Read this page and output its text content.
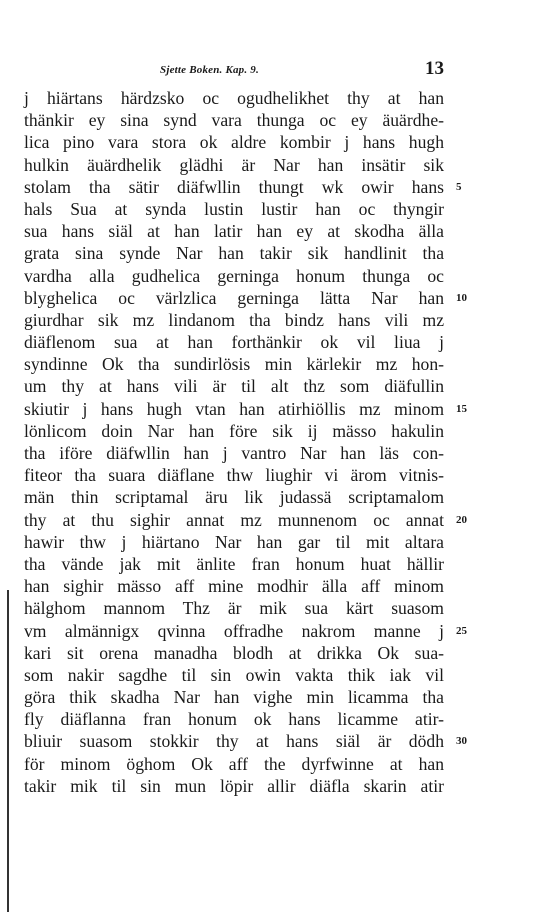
Sjette Boken. Kap. 9.	13
j hiärtans härdzsko oc ogudhelikhet thy at han
thänkir ey sina synd vara thunga oc ey äuärdhe-
lica pino vara stora ok aldre kombir j hans hugh
hulkin äuärdhelik glädhi är Nar han insätir sik
stolam tha sätir diäfwllin thungt wk owir hans 5
hals Sua at synda lustin lustir han oc thyngir
sua hans siäl at han latir han ey at skodha älla
grata sina synde Nar han takir sik handlinit tha
vardha alla gudhelica gerninga honum thunga oc
blyghelica oc värlzlica gerninga lätta Nar han 10
giurdhar sik mz lindanom tha bindz hans vili mz
diäflenom sua at han forthänkir ok vil liua j
syndinne Ok tha sundirlösis min kärlekir mz hon-
um thy at hans vili är til alt thz som diäfullin
skiutir j hans hugh vtan han atirhiöllis mz minom 15
lönlicom doin Nar han före sik ij mässo hakulin
tha iföre diäfwllin han j vantro Nar han läs con-
fiteor tha suara diäflane thw liughir vi ärom vitnis-
män thin scriptamal äru lik judassä scriptamalom
thy at thu sighir annat mz munnenom oc annat 20
hawir thw j hiärtano Nar han gar til mit altara
tha vände jak mit änlite fran honum huat hällir
han sighir mässo aff mine modhir älla aff minom
hälghom mannom Thz är mik sua kärt suasom
vm almännigx qvinna offradhe nakrom manne j 25
kari sit orena manadha blodh at drikka Ok sua-
som nakir sagdhe til sin owin vakta thik iak vil
göra thik skadha Nar han vighe min licamma tha
fly diäflanna fran honum ok hans licamme atir-
bliuir suasom stokkir thy at hans siäl är dödh 30
för minom öghom Ok aff the dyrfwinne at han
takir mik til sin mun löpir allir diäfla skarin atir
